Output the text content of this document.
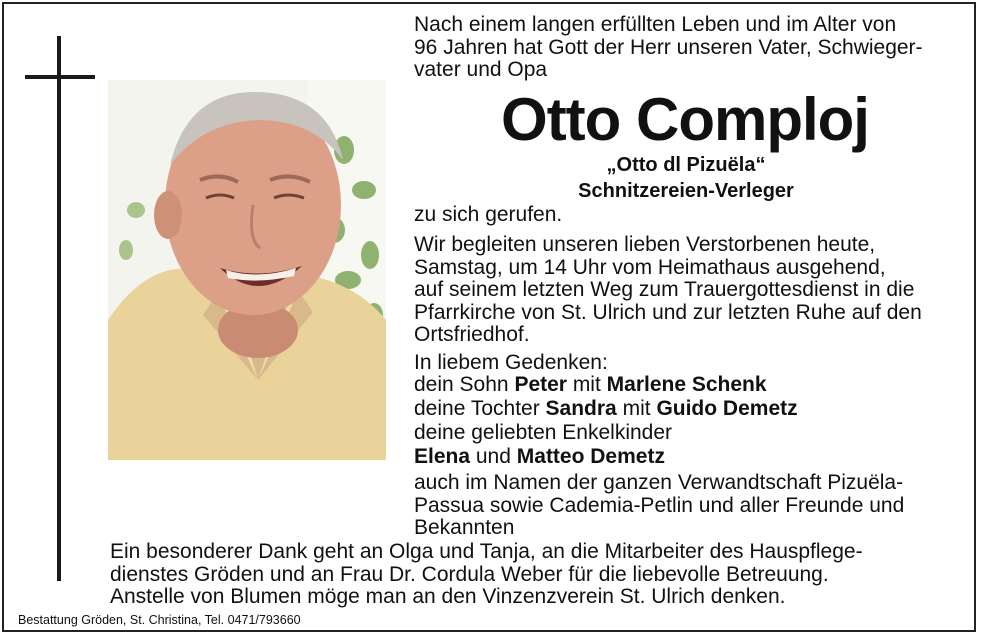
Nach einem langen erfüllten Leben und im Alter von
96 Jahren hat Gott der Herr unseren Vater, Schwieger-
vater und Opa
Otto Comploj
„Otto dl Pizuëla“
Schnitzereien-Verleger
zu sich gerufen.
Wir begleiten unseren lieben Verstorbenen heute,
Samstag, um 14 Uhr vom Heimathaus ausgehend,
auf seinem letzten Weg zum Trauergottesdienst in die
Pfarrkirche von St. Ulrich und zur letzten Ruhe auf den
Ortsfriedhof.
In liebem Gedenken:
dein Sohn Peter mit Marlene Schenk
deine Tochter Sandra mit Guido Demetz
deine geliebten Enkelkinder
Elena und Matteo Demetz
auch im Namen der ganzen Verwandtschaft Pizuëla-
Passua sowie Cademia-Petlin und aller Freunde und
Bekannten
Ein besonderer Dank geht an Olga und Tanja, an die Mitarbeiter des Hauspflege-
dienstes Gröden und an Frau Dr. Cordula Weber für die liebevolle Betreuung.
Anstelle von Blumen möge man an den Vinzenzverein St. Ulrich denken.
Bestattung Gröden, St. Christina, Tel. 0471/793660
